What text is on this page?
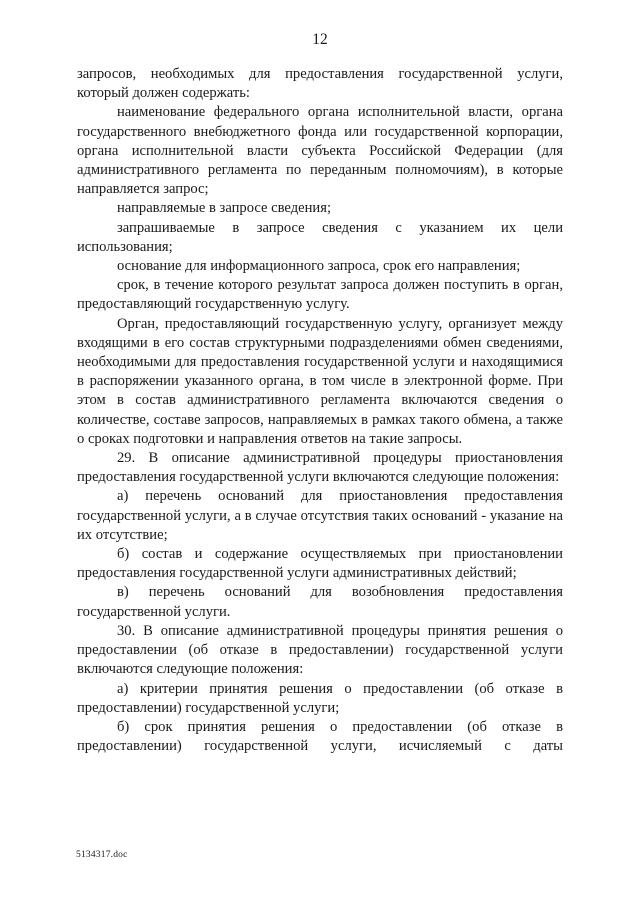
12

запросов, необходимых для предоставления государственной услуги, который должен содержать:

наименование федерального органа исполнительной власти, органа государственного внебюджетного фонда или государственной корпорации, органа исполнительной власти субъекта Российской Федерации (для административного регламента по переданным полномочиям), в которые направляется запрос;

направляемые в запросе сведения;

запрашиваемые в запросе сведения с указанием их цели использования;

основание для информационного запроса, срок его направления;

срок, в течение которого результат запроса должен поступить в орган, предоставляющий государственную услугу.

Орган, предоставляющий государственную услугу, организует между входящими в его состав структурными подразделениями обмен сведениями, необходимыми для предоставления государственной услуги и находящимися в распоряжении указанного органа, в том числе в электронной форме. При этом в состав административного регламента включаются сведения о количестве, составе запросов, направляемых в рамках такого обмена, а также о сроках подготовки и направления ответов на такие запросы.

29. В описание административной процедуры приостановления предоставления государственной услуги включаются следующие положения:

а) перечень оснований для приостановления предоставления государственной услуги, а в случае отсутствия таких оснований - указание на их отсутствие;

б) состав и содержание осуществляемых при приостановлении предоставления государственной услуги административных действий;

в) перечень оснований для возобновления предоставления государственной услуги.

30. В описание административной процедуры принятия решения о предоставлении (об отказе в предоставлении) государственной услуги включаются следующие положения:

а) критерии принятия решения о предоставлении (об отказе в предоставлении) государственной услуги;

б) срок принятия решения о предоставлении (об отказе в предоставлении) государственной услуги, исчисляемый с даты

5134317.doc
